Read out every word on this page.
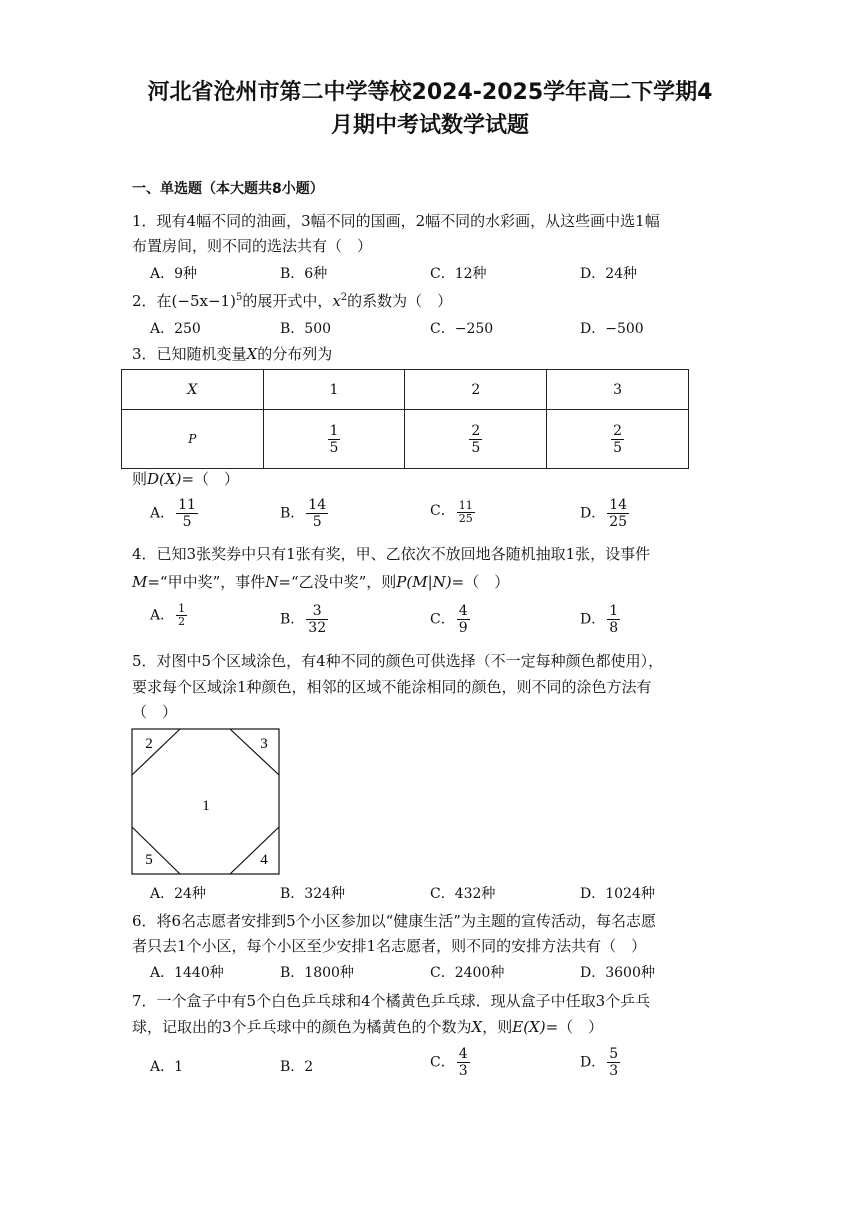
河北省沧州市第二中学等校2024-2025学年高二下学期4
月期中考试数学试题
一、单选题（本大题共8小题）
1．现有4幅不同的油画，3幅不同的国画，2幅不同的水彩画，从这些画中选1幅
布置房间，则不同的选法共有（　）
A．9种	B．6种	C．12种	D．24种
2．在$(-5x-1)^5$的展开式中，$x^2$的系数为（　）
A．250	B．500	C．−250	D．−500
3．已知随机变量X的分布列为
X	1	2	3
P	$\frac{1}{5}$	$\frac{2}{5}$	$\frac{2}{5}$
则D(X)=（　）
A． $\frac{11}{5}$	B． $\frac{14}{5}$	C． $\frac{11}{25}$	D． $\frac{14}{25}$
4．已知3张奖券中只有1张有奖，甲、乙依次不放回地各随机抽取1张，设事件
M=“甲中奖”，事件N=“乙没中奖”，则P(M|N)=（　）
A． $\frac{1}{2}$	B． $\frac{3}{32}$	C． $\frac{4}{9}$	D． $\frac{1}{8}$
5．对图中5个区域涂色，有4种不同的颜色可供选择（不一定每种颜色都使用），
要求每个区域涂1种颜色，相邻的区域不能涂相同的颜色，则不同的涂色方法有
（　）
1
2	3
4
5
A．24种	B．324种	C．432种	D．1024种
6．将6名志愿者安排到5个小区参加以“健康生活”为主题的宣传活动，每名志愿
者只去1个小区，每个小区至少安排1名志愿者，则不同的安排方法共有（　）
A．1440种	B．1800种	C．2400种	D．3600种
7．一个盒子中有5个白色乒乓球和4个橘黄色乒乓球．现从盒子中任取3个乒乓
球，记取出的3个乒乓球中的颜色为橘黄色的个数为X，则E(X)=（　）
A．1	B．2	C． $\frac{4}{3}$	D． $\frac{5}{3}$
